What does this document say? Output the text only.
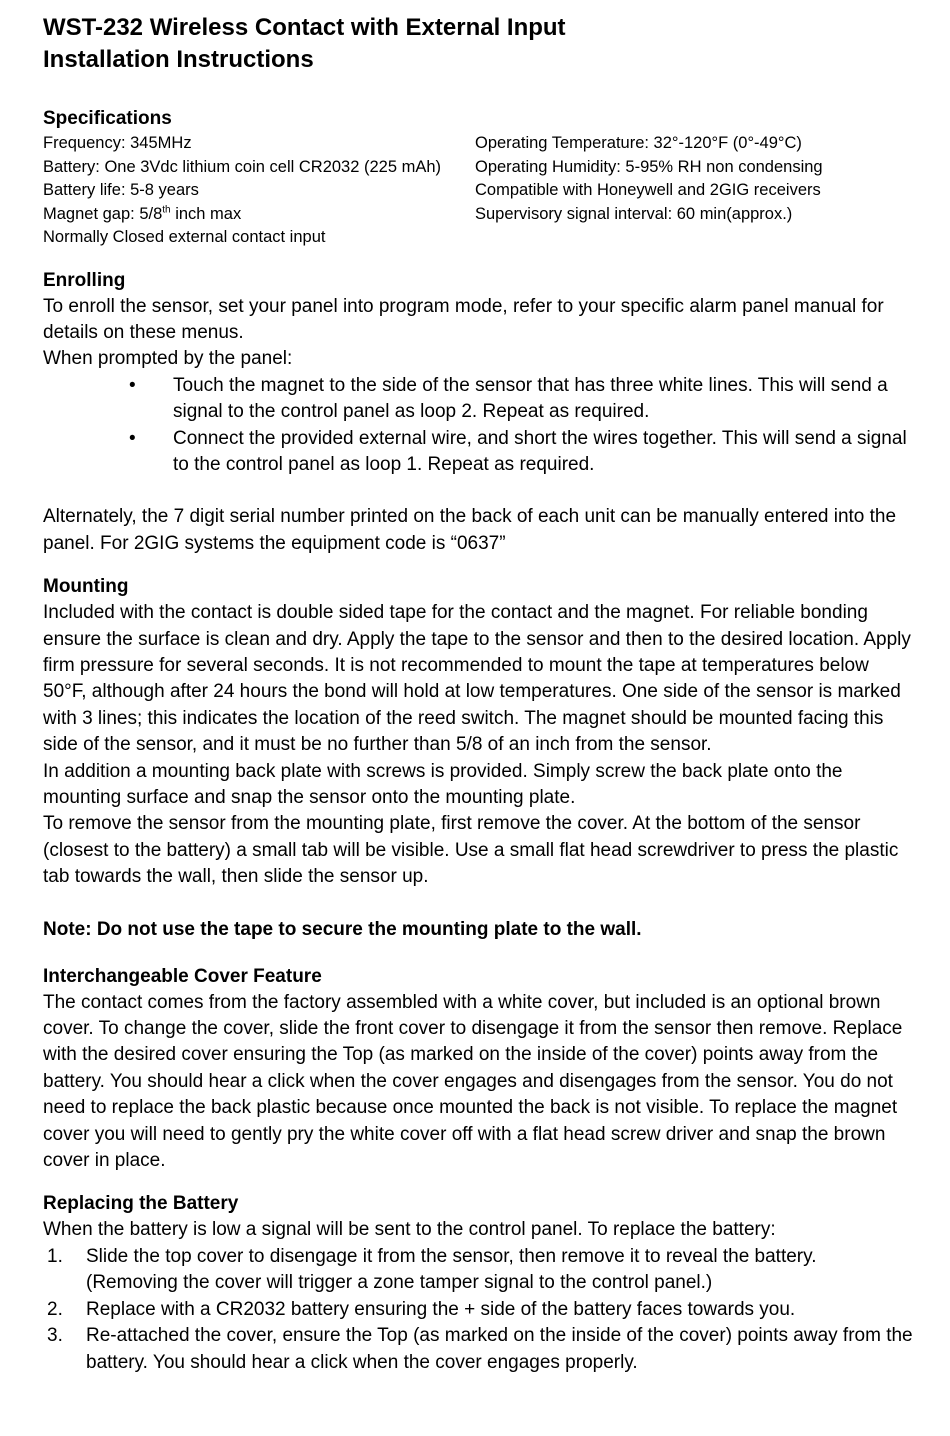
WST-232 Wireless Contact with External Input
Installation Instructions
Specifications
Frequency: 345MHz
Battery: One 3Vdc lithium coin cell CR2032 (225 mAh)
Battery life: 5-8 years
Magnet gap: 5/8th inch max
Normally Closed external contact input
Operating Temperature: 32°-120°F (0°-49°C)
Operating Humidity: 5-95% RH non condensing
Compatible with Honeywell and 2GIG receivers
Supervisory signal interval: 60 min(approx.)
Enrolling
To enroll the sensor, set your panel into program mode, refer to your specific alarm panel manual for details on these menus.
When prompted by the panel:
• Touch the magnet to the side of the sensor that has three white lines. This will send a signal to the control panel as loop 2. Repeat as required.
• Connect the provided external wire, and short the wires together. This will send a signal to the control panel as loop 1. Repeat as required.
Alternately, the 7 digit serial number printed on the back of each unit can be manually entered into the panel. For 2GIG systems the equipment code is “0637”
Mounting
Included with the contact is double sided tape for the contact and the magnet. For reliable bonding ensure the surface is clean and dry. Apply the tape to the sensor and then to the desired location. Apply firm pressure for several seconds. It is not recommended to mount the tape at temperatures below 50°F, although after 24 hours the bond will hold at low temperatures. One side of the sensor is marked with 3 lines; this indicates the location of the reed switch. The magnet should be mounted facing this side of the sensor, and it must be no further than 5/8 of an inch from the sensor.
In addition a mounting back plate with screws is provided. Simply screw the back plate onto the mounting surface and snap the sensor onto the mounting plate.
To remove the sensor from the mounting plate, first remove the cover. At the bottom of the sensor (closest to the battery) a small tab will be visible. Use a small flat head screwdriver to press the plastic tab towards the wall, then slide the sensor up.
Note: Do not use the tape to secure the mounting plate to the wall.
Interchangeable Cover Feature
The contact comes from the factory assembled with a white cover, but included is an optional brown cover. To change the cover, slide the front cover to disengage it from the sensor then remove. Replace with the desired cover ensuring the Top (as marked on the inside of the cover) points away from the battery. You should hear a click when the cover engages and disengages from the sensor. You do not need to replace the back plastic because once mounted the back is not visible. To replace the magnet cover you will need to gently pry the white cover off with a flat head screw driver and snap the brown cover in place.
Replacing the Battery
When the battery is low a signal will be sent to the control panel. To replace the battery:
1. Slide the top cover to disengage it from the sensor, then remove it to reveal the battery. (Removing the cover will trigger a zone tamper signal to the control panel.)
2. Replace with a CR2032 battery ensuring the + side of the battery faces towards you.
3. Re-attached the cover, ensure the Top (as marked on the inside of the cover) points away from the battery. You should hear a click when the cover engages properly.
